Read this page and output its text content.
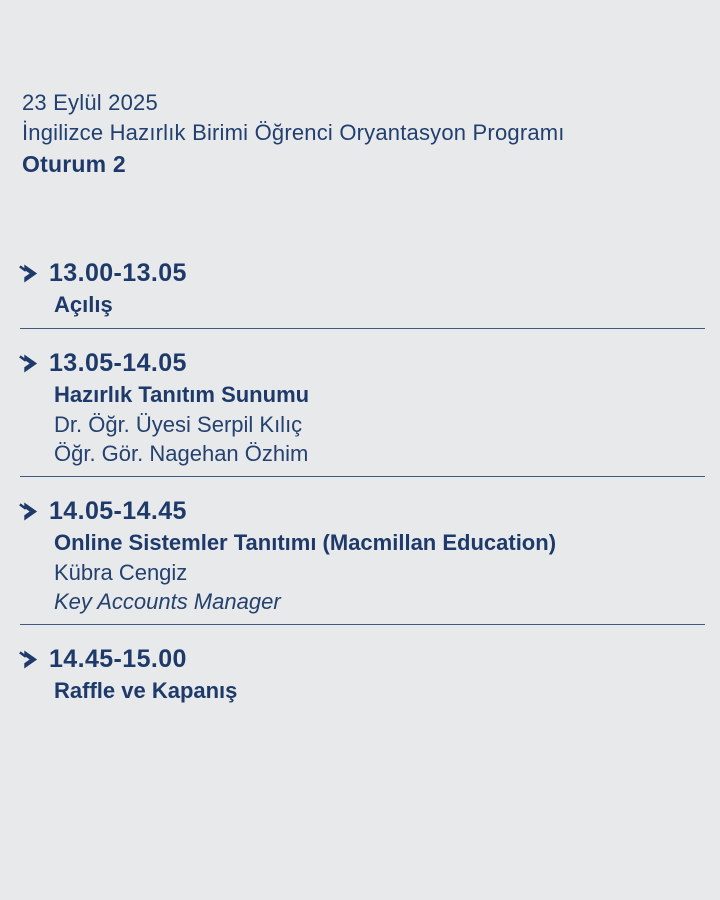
23 Eylül 2025
İngilizce Hazırlık Birimi Öğrenci Oryantasyon Programı
Oturum 2
13.00-13.05
Açılış
13.05-14.05
Hazırlık Tanıtım Sunumu
Dr. Öğr. Üyesi Serpil Kılıç
Öğr. Gör. Nagehan Özhim
14.05-14.45
Online Sistemler Tanıtımı (Macmillan Education)
Kübra Cengiz
Key Accounts Manager
14.45-15.00
Raffle ve Kapanış
